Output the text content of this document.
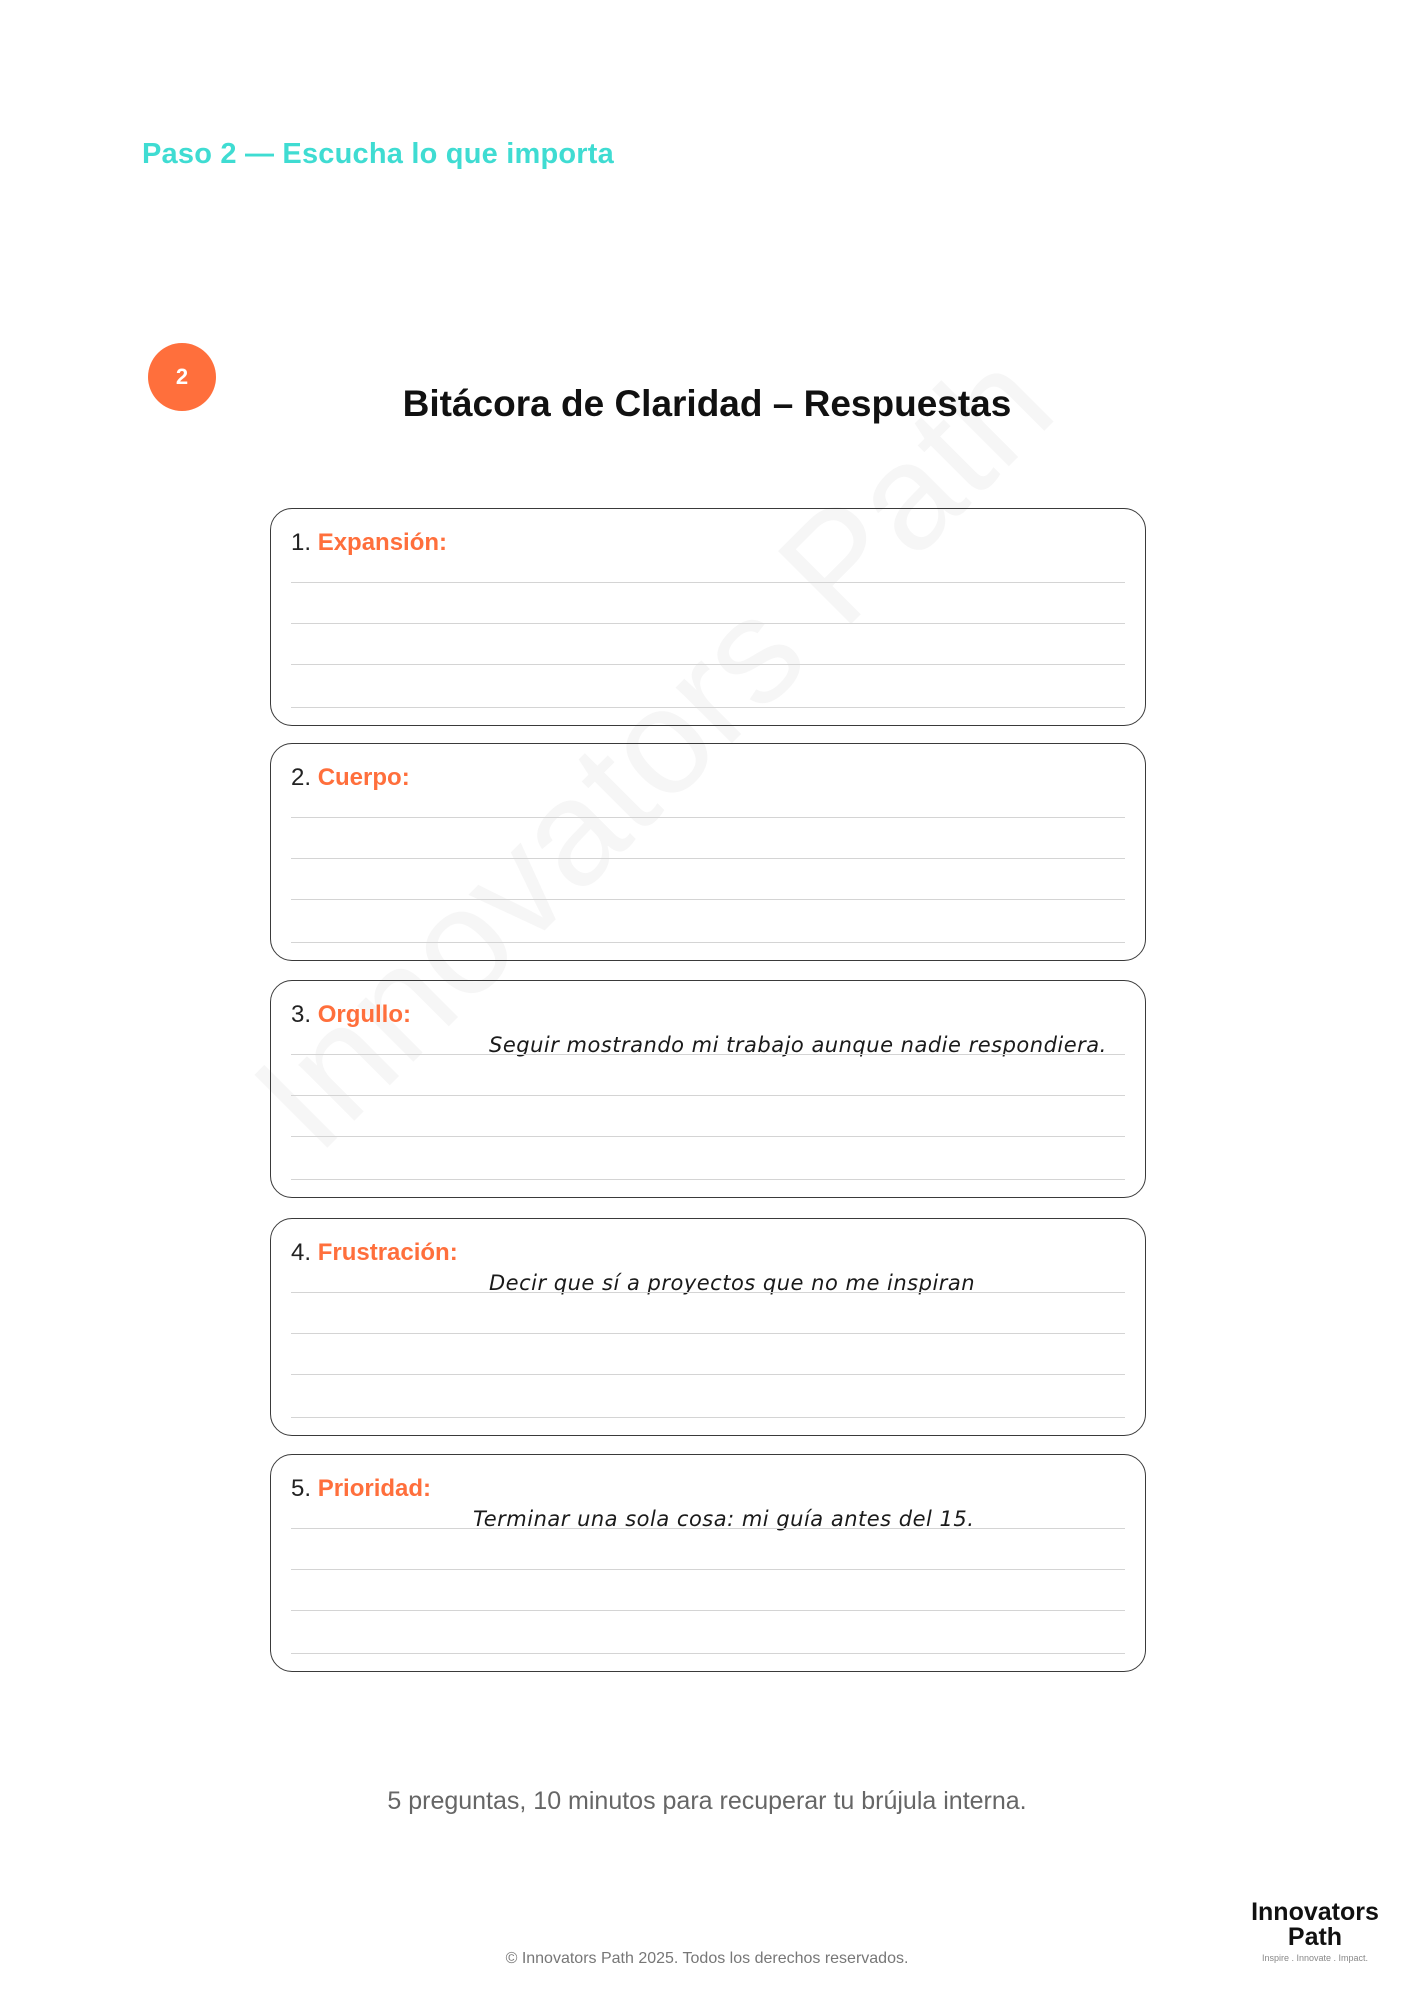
Paso 2 — Escucha lo que importa
2
Bitácora de Claridad – Respuestas
1. Expansión:
2. Cuerpo:
3. Orgullo:
Seguir mostrando mi trabajo aunque nadie respondiera.
4. Frustración:
Decir que sí a proyectos que no me inspiran
5. Prioridad:
Terminar una sola cosa: mi guía antes del 15.
5 preguntas, 10 minutos para recuperar tu brújula interna.
© Innovators Path 2025. Todos los derechos reservados.
Innovators
Path
Inspire . Innovate . Impact.
